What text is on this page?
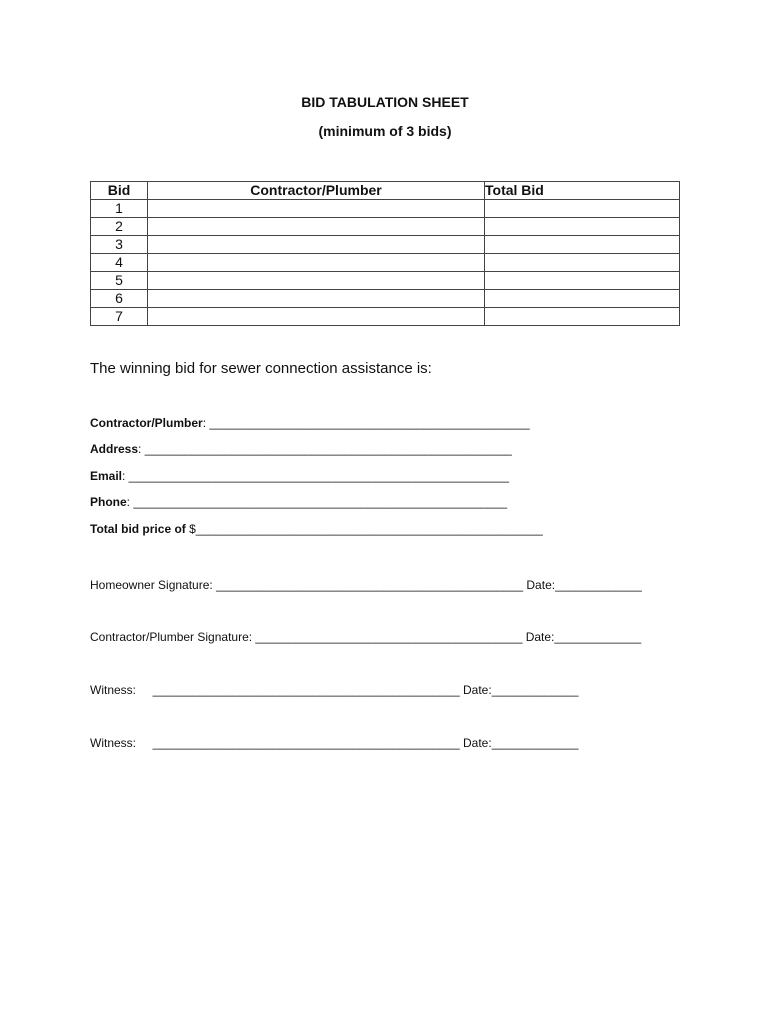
BID TABULATION SHEET
(minimum of 3 bids)
Bid	Contractor/Plumber	Total Bid
1		
2		
3		
4		
5		
6		
7		
The winning bid for sewer connection assistance is:
Contractor/Plumber: ________________________________________________
Address: _______________________________________________________
Email: _________________________________________________________
Phone: ________________________________________________________
Total bid price of $____________________________________________________
Homeowner Signature: ______________________________________________ Date:_____________
Contractor/Plumber Signature: ________________________________________ Date:_____________
Witness:     ______________________________________________ Date:_____________
Witness:     ______________________________________________ Date:_____________
